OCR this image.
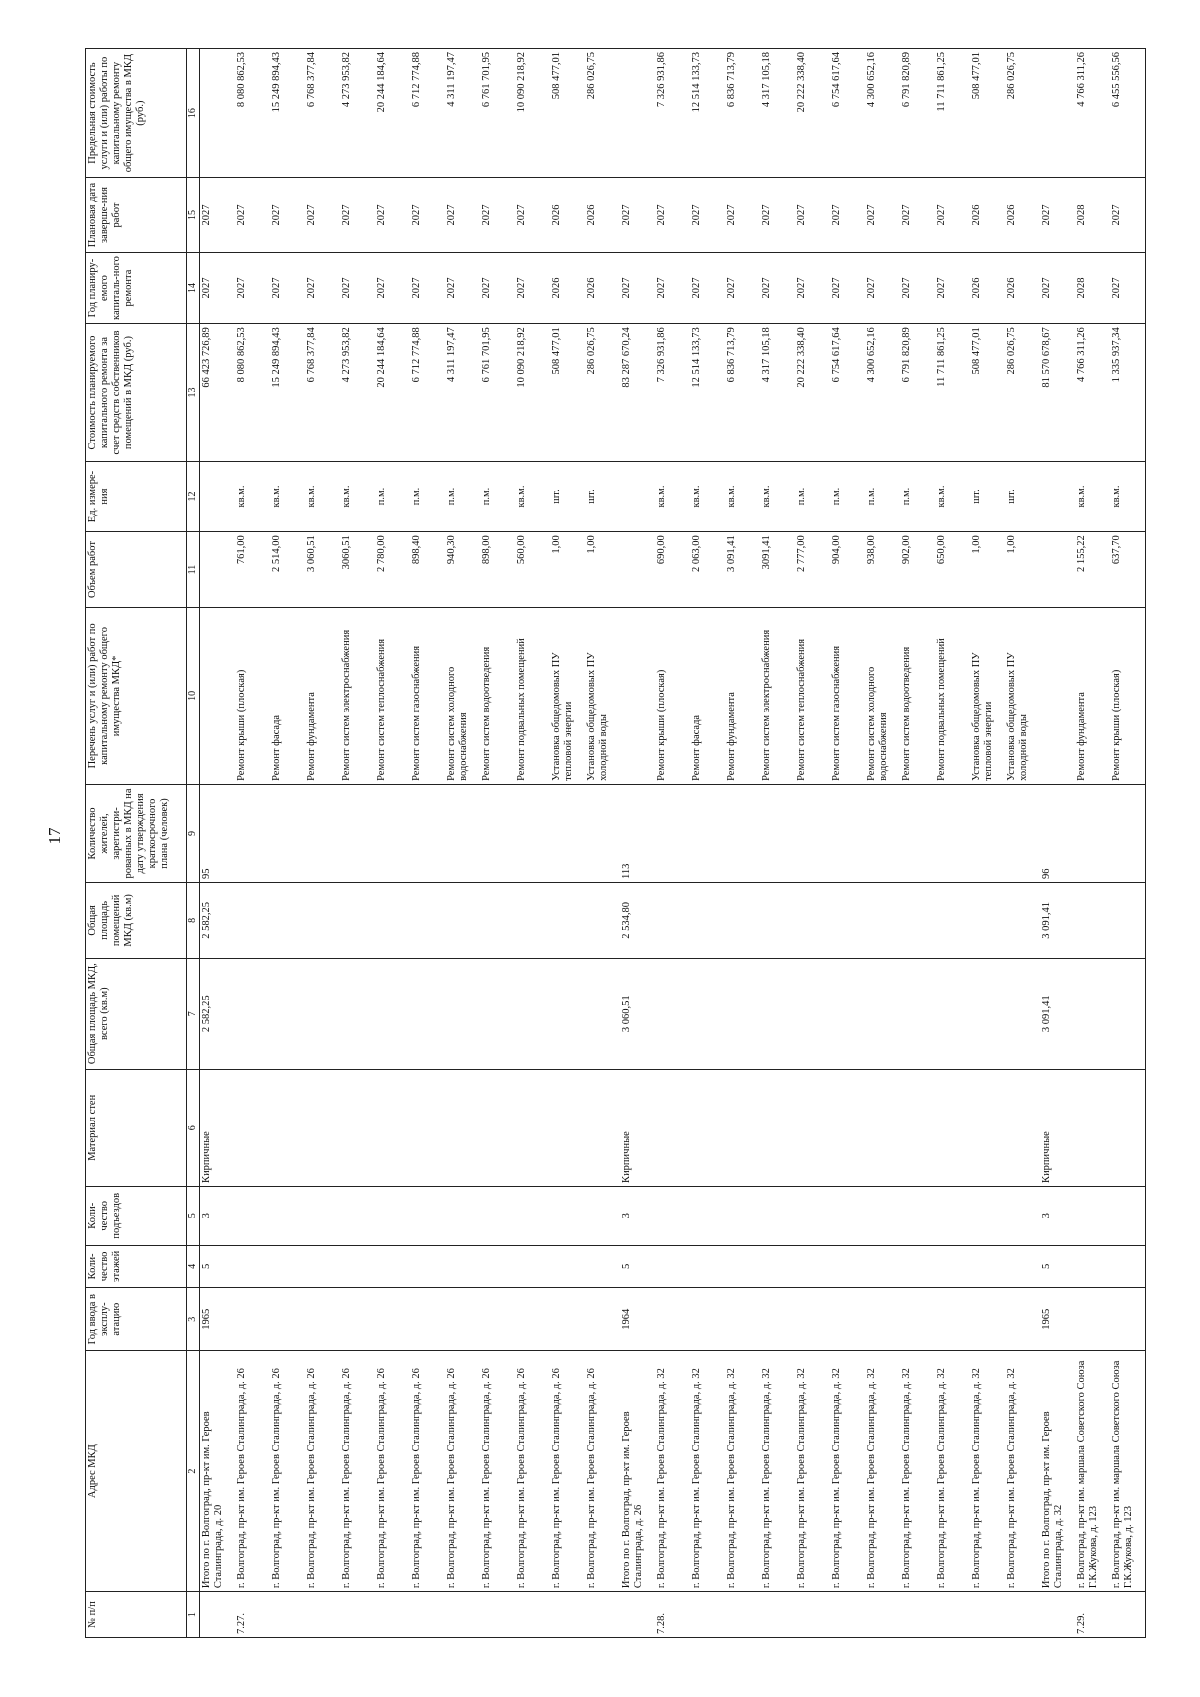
17
№ п/п	Адрес МКД	Год ввода в эксплу-атацию	Коли-чество этажей	Коли-чество подъездов	Материал стен	Общая площадь МКД, всего (кв.м)	Общая площадь помещений МКД (кв.м)	Количество жителей, зарегистри-рованных в МКД на дату утверждения краткосрочного плана (человек)	Перечень услуг и (или) работ по капитальному ремонту общего имущества МКД*	Объем работ	Ед. измере-ния	Стоимость планируемого капитального ремонта за счет средств собственников помещений в МКД (руб.)	Год планиру-емого капиталь-ного ремонта	Плановая дата заверше-ния работ	Предельная стоимость услуги и (или) работы по капитальному ремонту общего имущества в МКД (руб.)
1	2	3	4	5	6	7	8	9	10	11	12	13	14	15	16
	Итого по г. Волгоград, пр-кт им. Героев Сталинграда, д. 20	1965	5	3	Кирпичные	2 582,25	2 582,25	95				66 423 726,89	2027	2027	
7.27.	г. Волгоград, пр-кт им. Героев Сталинграда, д. 26								Ремонт крыши (плоская)	761,00	кв.м.	8 080 862,53	2027	2027	8 080 862,53
	г. Волгоград, пр-кт им. Героев Сталинграда, д. 26								Ремонт фасада	2 514,00	кв.м.	15 249 894,43	2027	2027	15 249 894,43
	г. Волгоград, пр-кт им. Героев Сталинграда, д. 26								Ремонт фундамента	3 060,51	кв.м.	6 768 377,84	2027	2027	6 768 377,84
	г. Волгоград, пр-кт им. Героев Сталинграда, д. 26								Ремонт систем электроснабжения	3060,51	кв.м.	4 273 953,82	2027	2027	4 273 953,82
	г. Волгоград, пр-кт им. Героев Сталинграда, д. 26								Ремонт систем теплоснабжения	2 780,00	п.м.	20 244 184,64	2027	2027	20 244 184,64
	г. Волгоград, пр-кт им. Героев Сталинграда, д. 26								Ремонт систем газоснабжения	898,40	п.м.	6 712 774,88	2027	2027	6 712 774,88
	г. Волгоград, пр-кт им. Героев Сталинграда, д. 26								Ремонт систем холодного водоснабжения	940,30	п.м.	4 311 197,47	2027	2027	4 311 197,47
	г. Волгоград, пр-кт им. Героев Сталинграда, д. 26								Ремонт систем водоотведения	898,00	п.м.	6 761 701,95	2027	2027	6 761 701,95
	г. Волгоград, пр-кт им. Героев Сталинграда, д. 26								Ремонт подвальных помещений	560,00	кв.м.	10 090 218,92	2027	2027	10 090 218,92
	г. Волгоград, пр-кт им. Героев Сталинграда, д. 26								Установка общедомовых ПУ тепловой энергии	1,00	шт.	508 477,01	2026	2026	508 477,01
	г. Волгоград, пр-кт им. Героев Сталинграда, д. 26								Установка общедомовых ПУ холодной воды	1,00	шт.	286 026,75	2026	2026	286 026,75
	Итого по г. Волгоград, пр-кт им. Героев Сталинграда, д. 26	1964	5	3	Кирпичные	3 060,51	2 534,80	113				83 287 670,24	2027	2027	
7.28.	г. Волгоград, пр-кт им. Героев Сталинграда, д. 32								Ремонт крыши (плоская)	690,00	кв.м.	7 326 931,86	2027	2027	7 326 931,86
	г. Волгоград, пр-кт им. Героев Сталинграда, д. 32								Ремонт фасада	2 063,00	кв.м.	12 514 133,73	2027	2027	12 514 133,73
	г. Волгоград, пр-кт им. Героев Сталинграда, д. 32								Ремонт фундамента	3 091,41	кв.м.	6 836 713,79	2027	2027	6 836 713,79
	г. Волгоград, пр-кт им. Героев Сталинграда, д. 32								Ремонт систем электроснабжения	3091,41	кв.м.	4 317 105,18	2027	2027	4 317 105,18
	г. Волгоград, пр-кт им. Героев Сталинграда, д. 32								Ремонт систем теплоснабжения	2 777,00	п.м.	20 222 338,40	2027	2027	20 222 338,40
	г. Волгоград, пр-кт им. Героев Сталинграда, д. 32								Ремонт систем газоснабжения	904,00	п.м.	6 754 617,64	2027	2027	6 754 617,64
	г. Волгоград, пр-кт им. Героев Сталинграда, д. 32								Ремонт систем холодного водоснабжения	938,00	п.м.	4 300 652,16	2027	2027	4 300 652,16
	г. Волгоград, пр-кт им. Героев Сталинграда, д. 32								Ремонт систем водоотведения	902,00	п.м.	6 791 820,89	2027	2027	6 791 820,89
	г. Волгоград, пр-кт им. Героев Сталинграда, д. 32								Ремонт подвальных помещений	650,00	кв.м.	11 711 861,25	2027	2027	11 711 861,25
	г. Волгоград, пр-кт им. Героев Сталинграда, д. 32								Установка общедомовых ПУ тепловой энергии	1,00	шт.	508 477,01	2026	2026	508 477,01
	г. Волгоград, пр-кт им. Героев Сталинграда, д. 32								Установка общедомовых ПУ холодной воды	1,00	шт.	286 026,75	2026	2026	286 026,75
	Итого по г. Волгоград, пр-кт им. Героев Сталинграда, д. 32	1965	5	3	Кирпичные	3 091,41	3 091,41	96				81 570 678,67	2027	2027	
7.29.	г. Волгоград, пр-кт им. маршала Советского Союза Г.К.Жукова, д. 123								Ремонт фундамента	2 155,22	кв.м.	4 766 311,26	2028	2028	4 766 311,26
	г. Волгоград, пр-кт им. маршала Советского Союза Г.К.Жукова, д. 123								Ремонт крыши (плоская)	637,70	кв.м.	1 335 937,34	2027	2027	6 455 556,56
